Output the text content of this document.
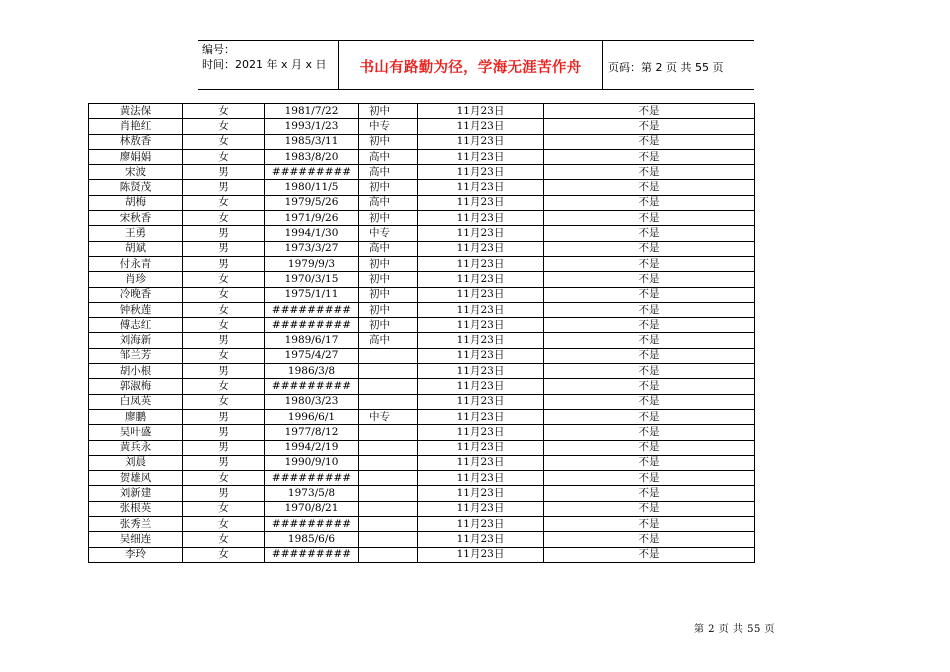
编号：
时间：2021 年 x 月 x 日	书山有路勤为径，学海无涯苦作舟	页码：第 2 页 共 55 页
黄法保	女	1981/7/22	初中	11月23日	不是
肖艳红	女	1993/1/23	中专	11月23日	不是
林敖香	女	1985/3/11	初中	11月23日	不是
廖娟娟	女	1983/8/20	高中	11月23日	不是
宋波	男	#########	高中	11月23日	不是
陈贤茂	男	1980/11/5	初中	11月23日	不是
胡梅	女	1979/5/26	高中	11月23日	不是
宋秋香	女	1971/9/26	初中	11月23日	不是
王勇	男	1994/1/30	中专	11月23日	不是
胡斌	男	1973/3/27	高中	11月23日	不是
付永青	男	1979/9/3	初中	11月23日	不是
肖珍	女	1970/3/15	初中	11月23日	不是
冷晚香	女	1975/1/11	初中	11月23日	不是
钟秋莲	女	#########	初中	11月23日	不是
傅志红	女	#########	初中	11月23日	不是
刘海新	男	1989/6/17	高中	11月23日	不是
邹兰芳	女	1975/4/27		11月23日	不是
胡小根	男	1986/3/8		11月23日	不是
郭淑梅	女	#########		11月23日	不是
白凤英	女	1980/3/23		11月23日	不是
廖鹏	男	1996/6/1	中专	11月23日	不是
吴叶盛	男	1977/8/12		11月23日	不是
黄兵永	男	1994/2/19		11月23日	不是
刘晨	男	1990/9/10		11月23日	不是
贺雄风	女	#########		11月23日	不是
刘新建	男	1973/5/8		11月23日	不是
张根英	女	1970/8/21		11月23日	不是
张秀兰	女	#########		11月23日	不是
吴细连	女	1985/6/6		11月23日	不是
李玲	女	#########		11月23日	不是
第 2 页 共 55 页
